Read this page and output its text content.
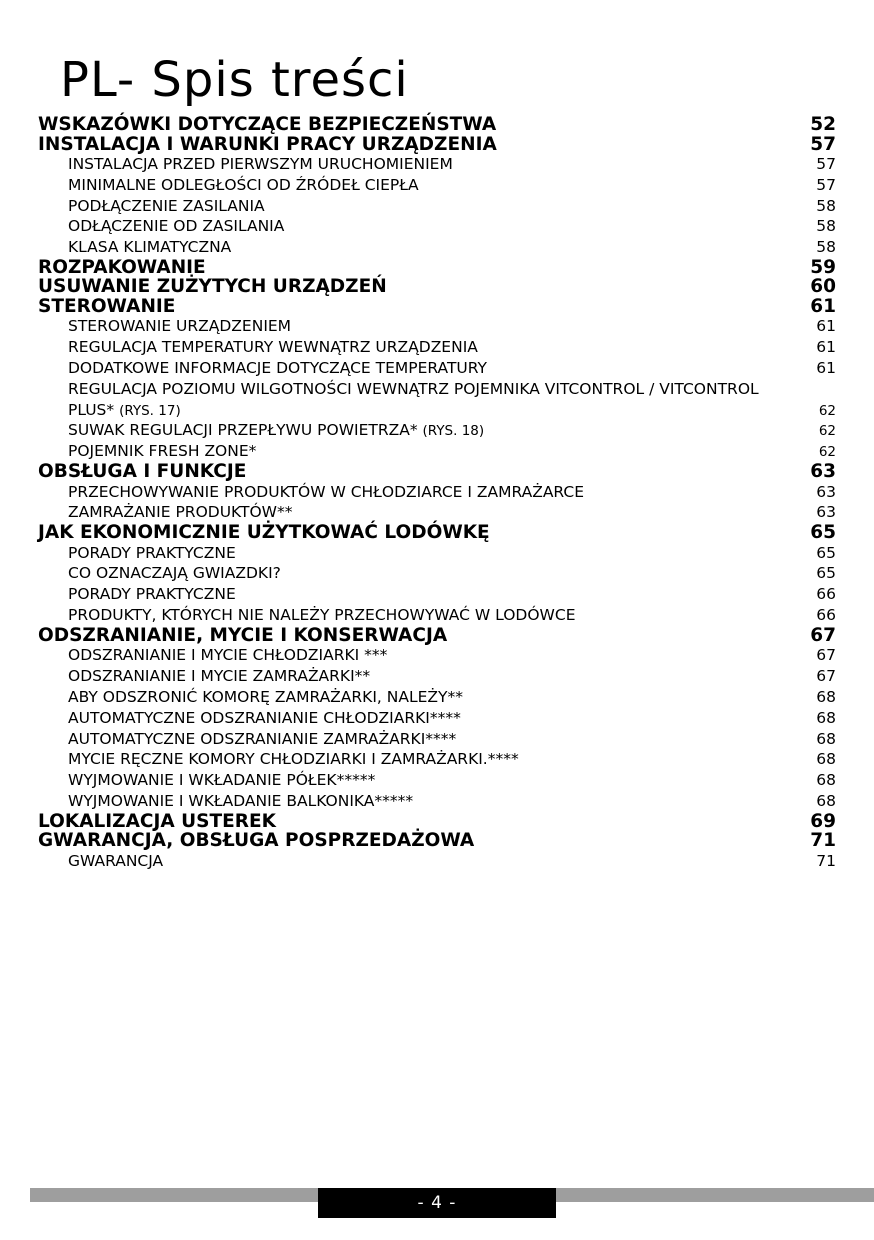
PL- Spis treści
WSKAZÓWKI DOTYCZĄCE BEZPIECZEŃSTWA	52
INSTALACJA I WARUNKI PRACY URZĄDZENIA	57
INSTALACJA PRZED PIERWSZYM URUCHOMIENIEM	57
MINIMALNE ODLEGŁOŚCI OD ŹRÓDEŁ CIEPŁA	57
PODŁĄCZENIE ZASILANIA	58
ODŁĄCZENIE OD ZASILANIA	58
KLASA KLIMATYCZNA	58
ROZPAKOWANIE	59
USUWANIE ZUŻYTYCH URZĄDZEŃ	60
STEROWANIE	61
STEROWANIE URZĄDZENIEM	61
REGULACJA TEMPERATURY WEWNĄTRZ URZĄDZENIA	61
DODATKOWE INFORMACJE DOTYCZĄCE TEMPERATURY	61
REGULACJA POZIOMU WILGOTNOŚCI WEWNĄTRZ POJEMNIKA VITCONTROL / VITCONTROL
PLUS* (RYS. 17)	62
SUWAK REGULACJI PRZEPŁYWU POWIETRZA* (RYS. 18)	62
POJEMNIK FRESH ZONE*	62
OBSŁUGA I FUNKCJE	63
PRZECHOWYWANIE PRODUKTÓW W CHŁODZIARCE I ZAMRAŻARCE	63
ZAMRAŻANIE PRODUKTÓW**	63
JAK EKONOMICZNIE UŻYTKOWAĆ LODÓWKĘ	65
PORADY PRAKTYCZNE	65
CO OZNACZAJĄ GWIAZDKI?	65
PORADY PRAKTYCZNE	66
PRODUKTY, KTÓRYCH NIE NALEŻY PRZECHOWYWAĆ W LODÓWCE	66
ODSZRANIANIE, MYCIE I KONSERWACJA	67
ODSZRANIANIE I MYCIE CHŁODZIARKI ***	67
ODSZRANIANIE I MYCIE ZAMRAŻARKI**	67
ABY ODSZRONIĆ KOMORĘ ZAMRAŻARKI, NALEŻY**	68
AUTOMATYCZNE ODSZRANIANIE CHŁODZIARKI****	68
AUTOMATYCZNE ODSZRANIANIE ZAMRAŻARKI****	68
MYCIE RĘCZNE KOMORY CHŁODZIARKI I ZAMRAŻARKI.****	68
WYJMOWANIE I WKŁADANIE PÓŁEK*****	68
WYJMOWANIE I WKŁADANIE BALKONIKA*****	68
LOKALIZACJA USTEREK	69
GWARANCJA, OBSŁUGA POSPRZEDAŻOWA	71
GWARANCJA	71
- 4 -
